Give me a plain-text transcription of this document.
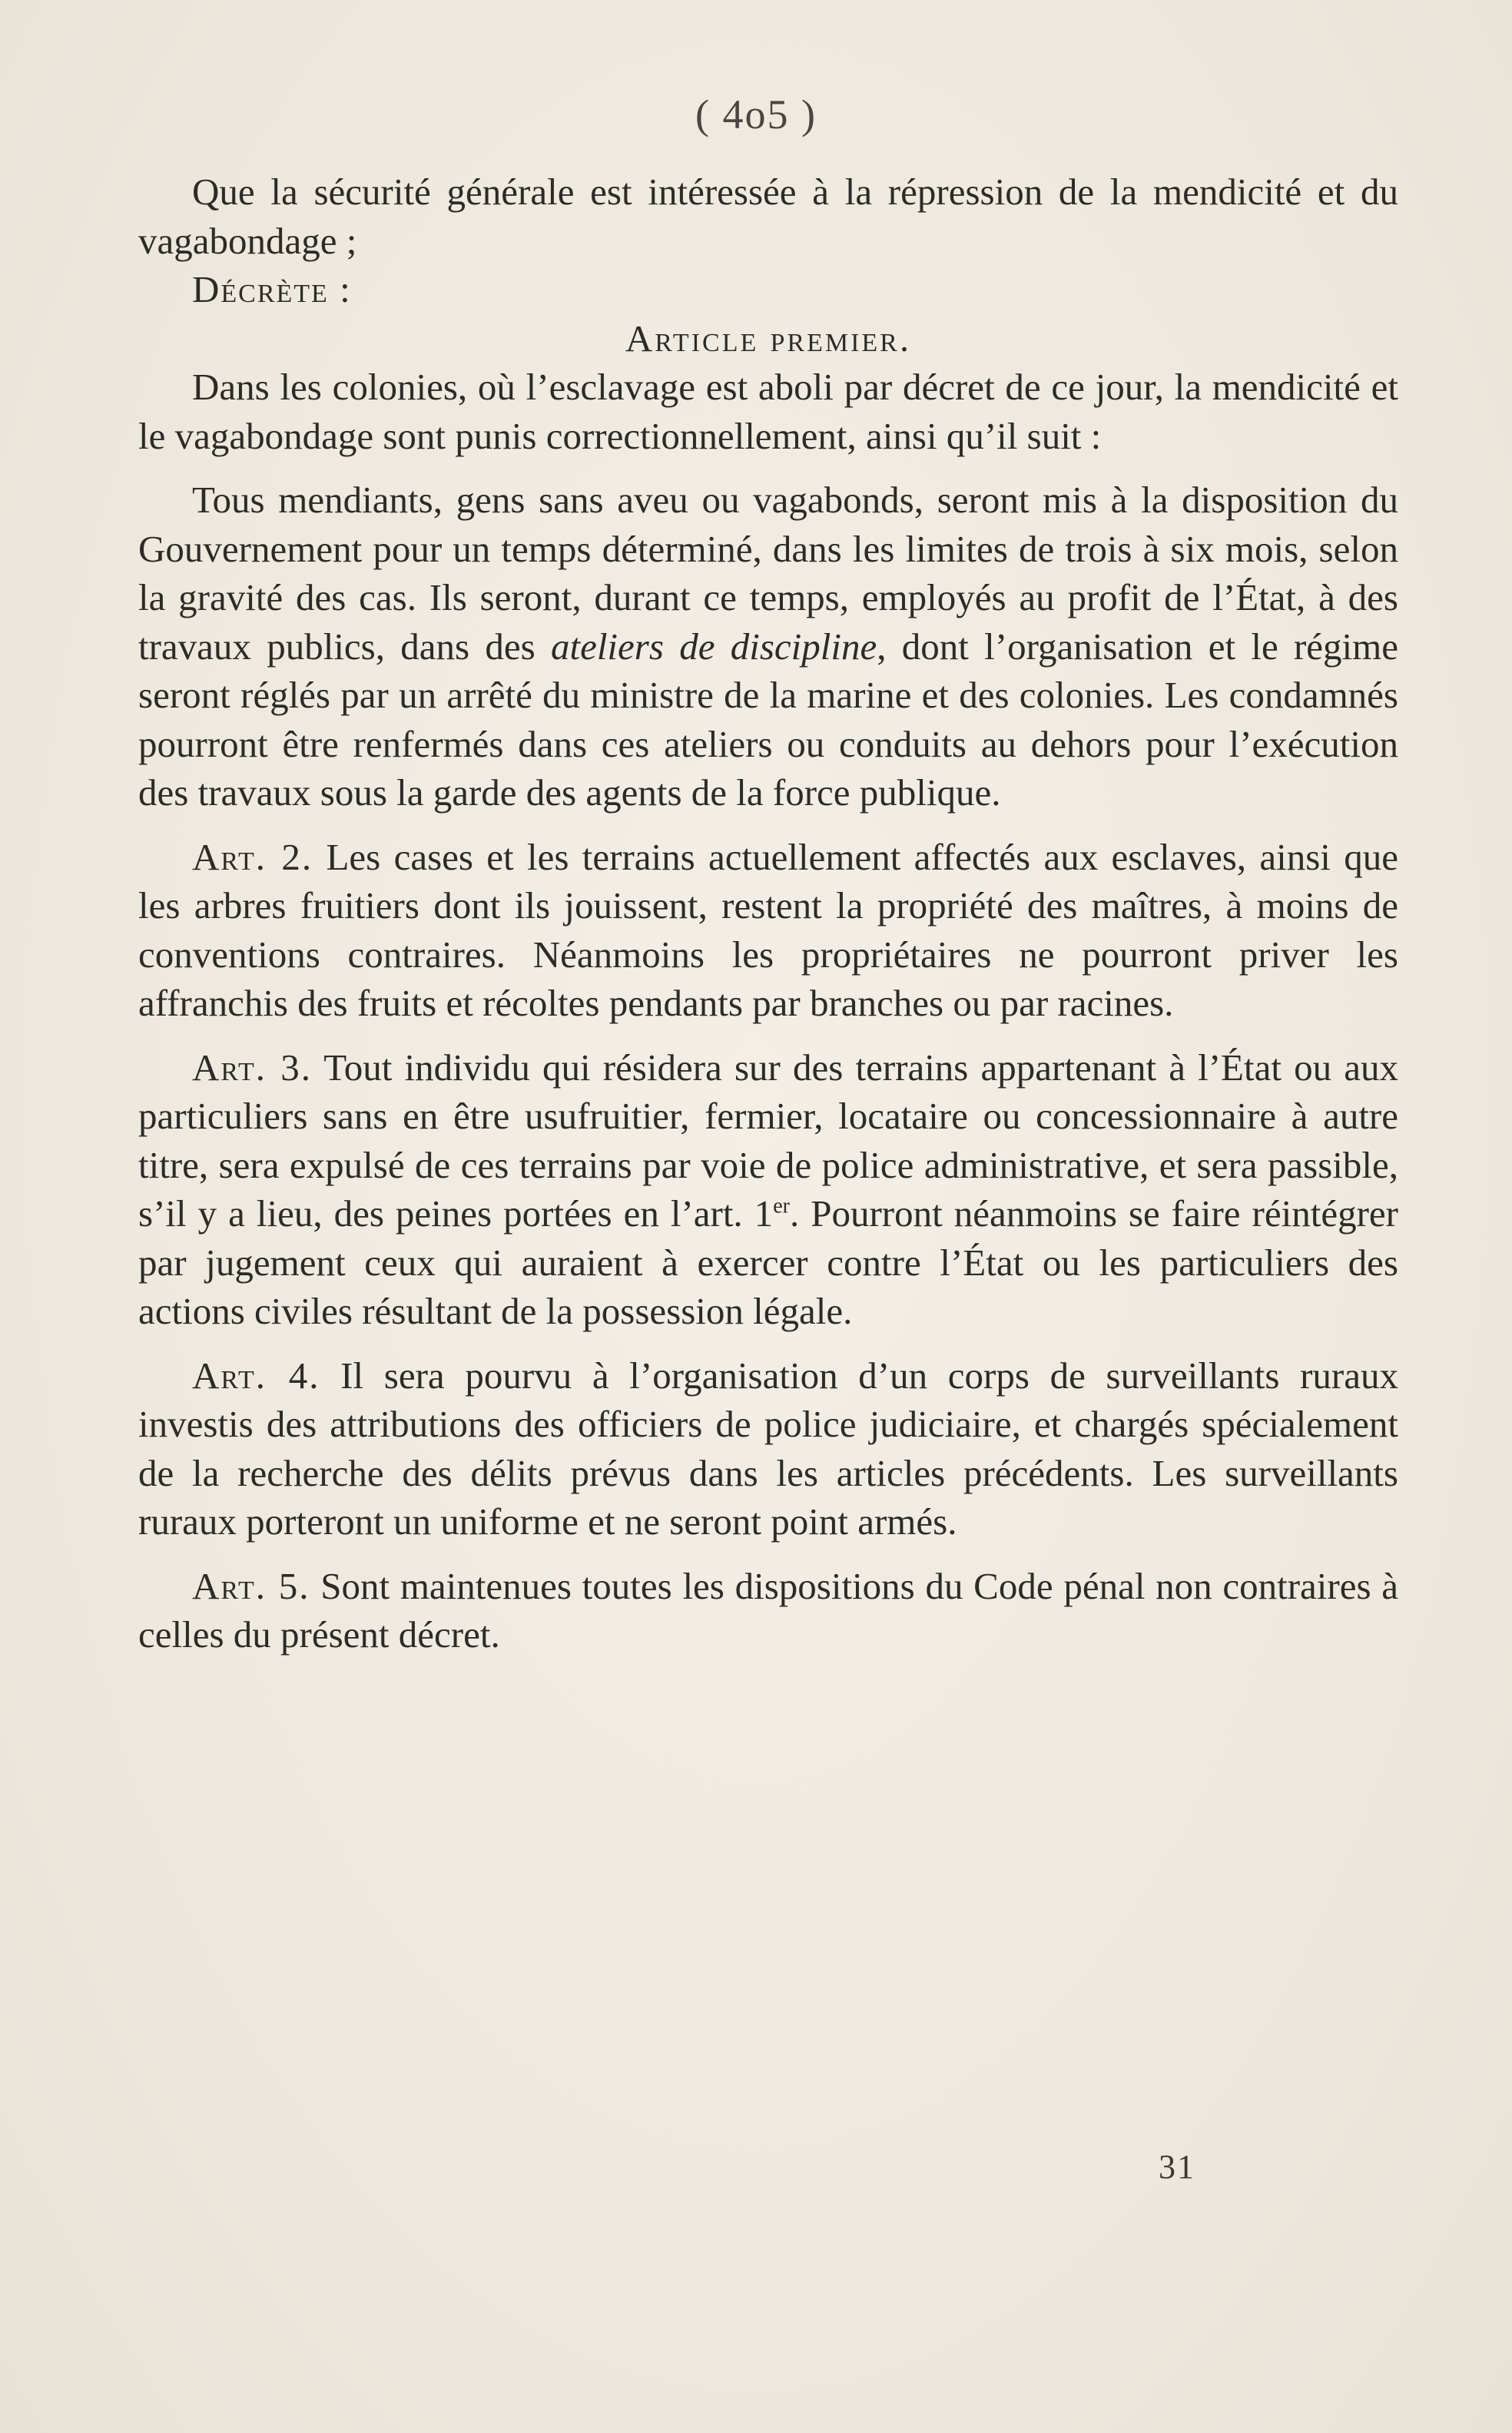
( 4o5 )

Que la sécurité générale est intéressée à la répression de la mendicité et du vagabondage ;

Décrète :

Article premier.

Dans les colonies, où l’esclavage est aboli par décret de ce jour, la mendicité et le vagabondage sont punis correctionnellement, ainsi qu’il suit :

Tous mendiants, gens sans aveu ou vagabonds, seront mis à la disposition du Gouvernement pour un temps déterminé, dans les limites de trois à six mois, selon la gravité des cas. Ils seront, durant ce temps, employés au profit de l’État, à des travaux publics, dans des ateliers de discipline, dont l’organisation et le régime seront réglés par un arrêté du ministre de la marine et des colonies. Les condamnés pourront être renfermés dans ces ateliers ou conduits au dehors pour l’exécution des travaux sous la garde des agents de la force publique.

Art. 2. Les cases et les terrains actuellement affectés aux esclaves, ainsi que les arbres fruitiers dont ils jouissent, restent la propriété des maîtres, à moins de conventions contraires. Néanmoins les propriétaires ne pourront priver les affranchis des fruits et récoltes pendants par branches ou par racines.

Art. 3. Tout individu qui résidera sur des terrains appartenant à l’État ou aux particuliers sans en être usufruitier, fermier, locataire ou concessionnaire à autre titre, sera expulsé de ces terrains par voie de police administrative, et sera passible, s’il y a lieu, des peines portées en l’art. 1er. Pourront néanmoins se faire réintégrer par jugement ceux qui auraient à exercer contre l’État ou les particuliers des actions civiles résultant de la possession légale.

Art. 4. Il sera pourvu à l’organisation d’un corps de surveillants ruraux investis des attributions des officiers de police judiciaire, et chargés spécialement de la recherche des délits prévus dans les articles précédents. Les surveillants ruraux porteront un uniforme et ne seront point armés.

Art. 5. Sont maintenues toutes les dispositions du Code pénal non contraires à celles du présent décret.

31
